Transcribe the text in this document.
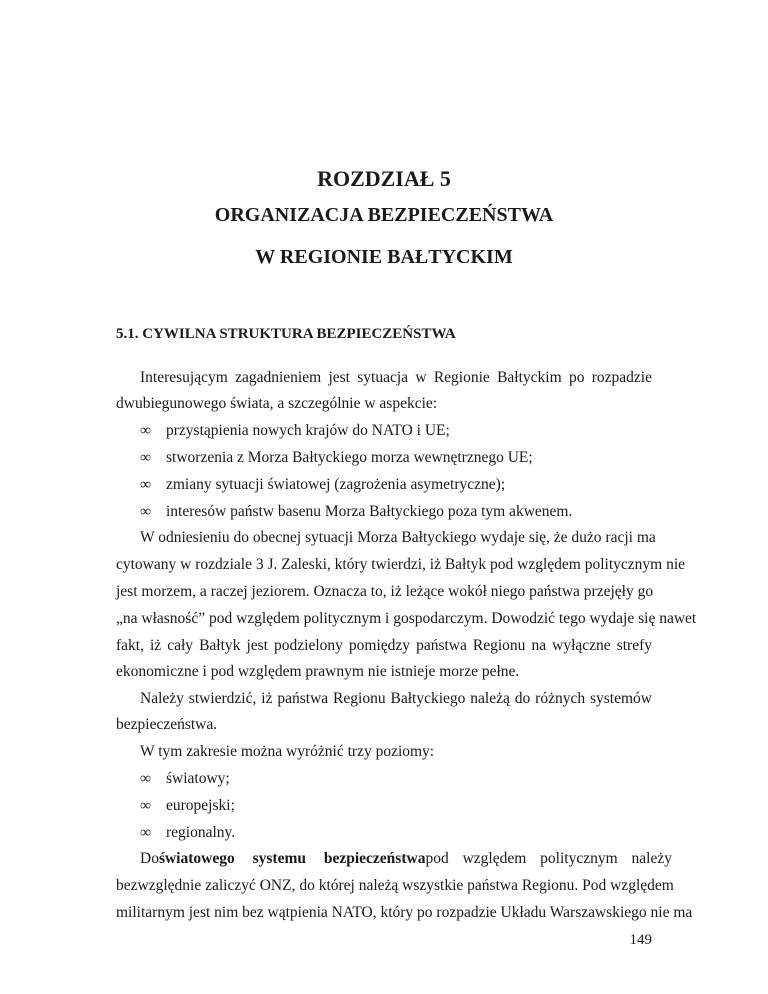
ROZDZIAŁ 5
ORGANIZACJA BEZPIECZEŃSTWA
W REGIONIE BAŁTYCKIM
5.1. CYWILNA STRUKTURA BEZPIECZEŃSTWA
Interesującym zagadnieniem jest sytuacja w Regionie Bałtyckim po rozpadzie
dwubiegunowego świata, a szczególnie w aspekcie:
∞ przystąpienia nowych krajów do NATO i UE;
∞ stworzenia z Morza Bałtyckiego morza wewnętrznego UE;
∞ zmiany sytuacji światowej (zagrożenia asymetryczne);
∞ interesów państw basenu Morza Bałtyckiego poza tym akwenem.
W odniesieniu do obecnej sytuacji Morza Bałtyckiego wydaje się, że dużo racji ma
cytowany w rozdziale 3 J. Zaleski, który twierdzi, iż Bałtyk pod względem politycznym nie
jest morzem, a raczej jeziorem. Oznacza to, iż leżące wokół niego państwa przejęły go
„na własność” pod względem politycznym i gospodarczym. Dowodzić tego wydaje się nawet
fakt, iż cały Bałtyk jest podzielony pomiędzy państwa Regionu na wyłączne strefy
ekonomiczne i pod względem prawnym nie istnieje morze pełne.
Należy stwierdzić, iż państwa Regionu Bałtyckiego należą do różnych systemów
bezpieczeństwa.
W tym zakresie można wyróżnić trzy poziomy:
∞ światowy;
∞ europejski;
∞ regionalny.
Do światowego systemu bezpieczeństwa pod względem politycznym należy
bezwzględnie zaliczyć ONZ, do której należą wszystkie państwa Regionu. Pod względem
militarnym jest nim bez wątpienia NATO, który po rozpadzie Układu Warszawskiego nie ma
149
